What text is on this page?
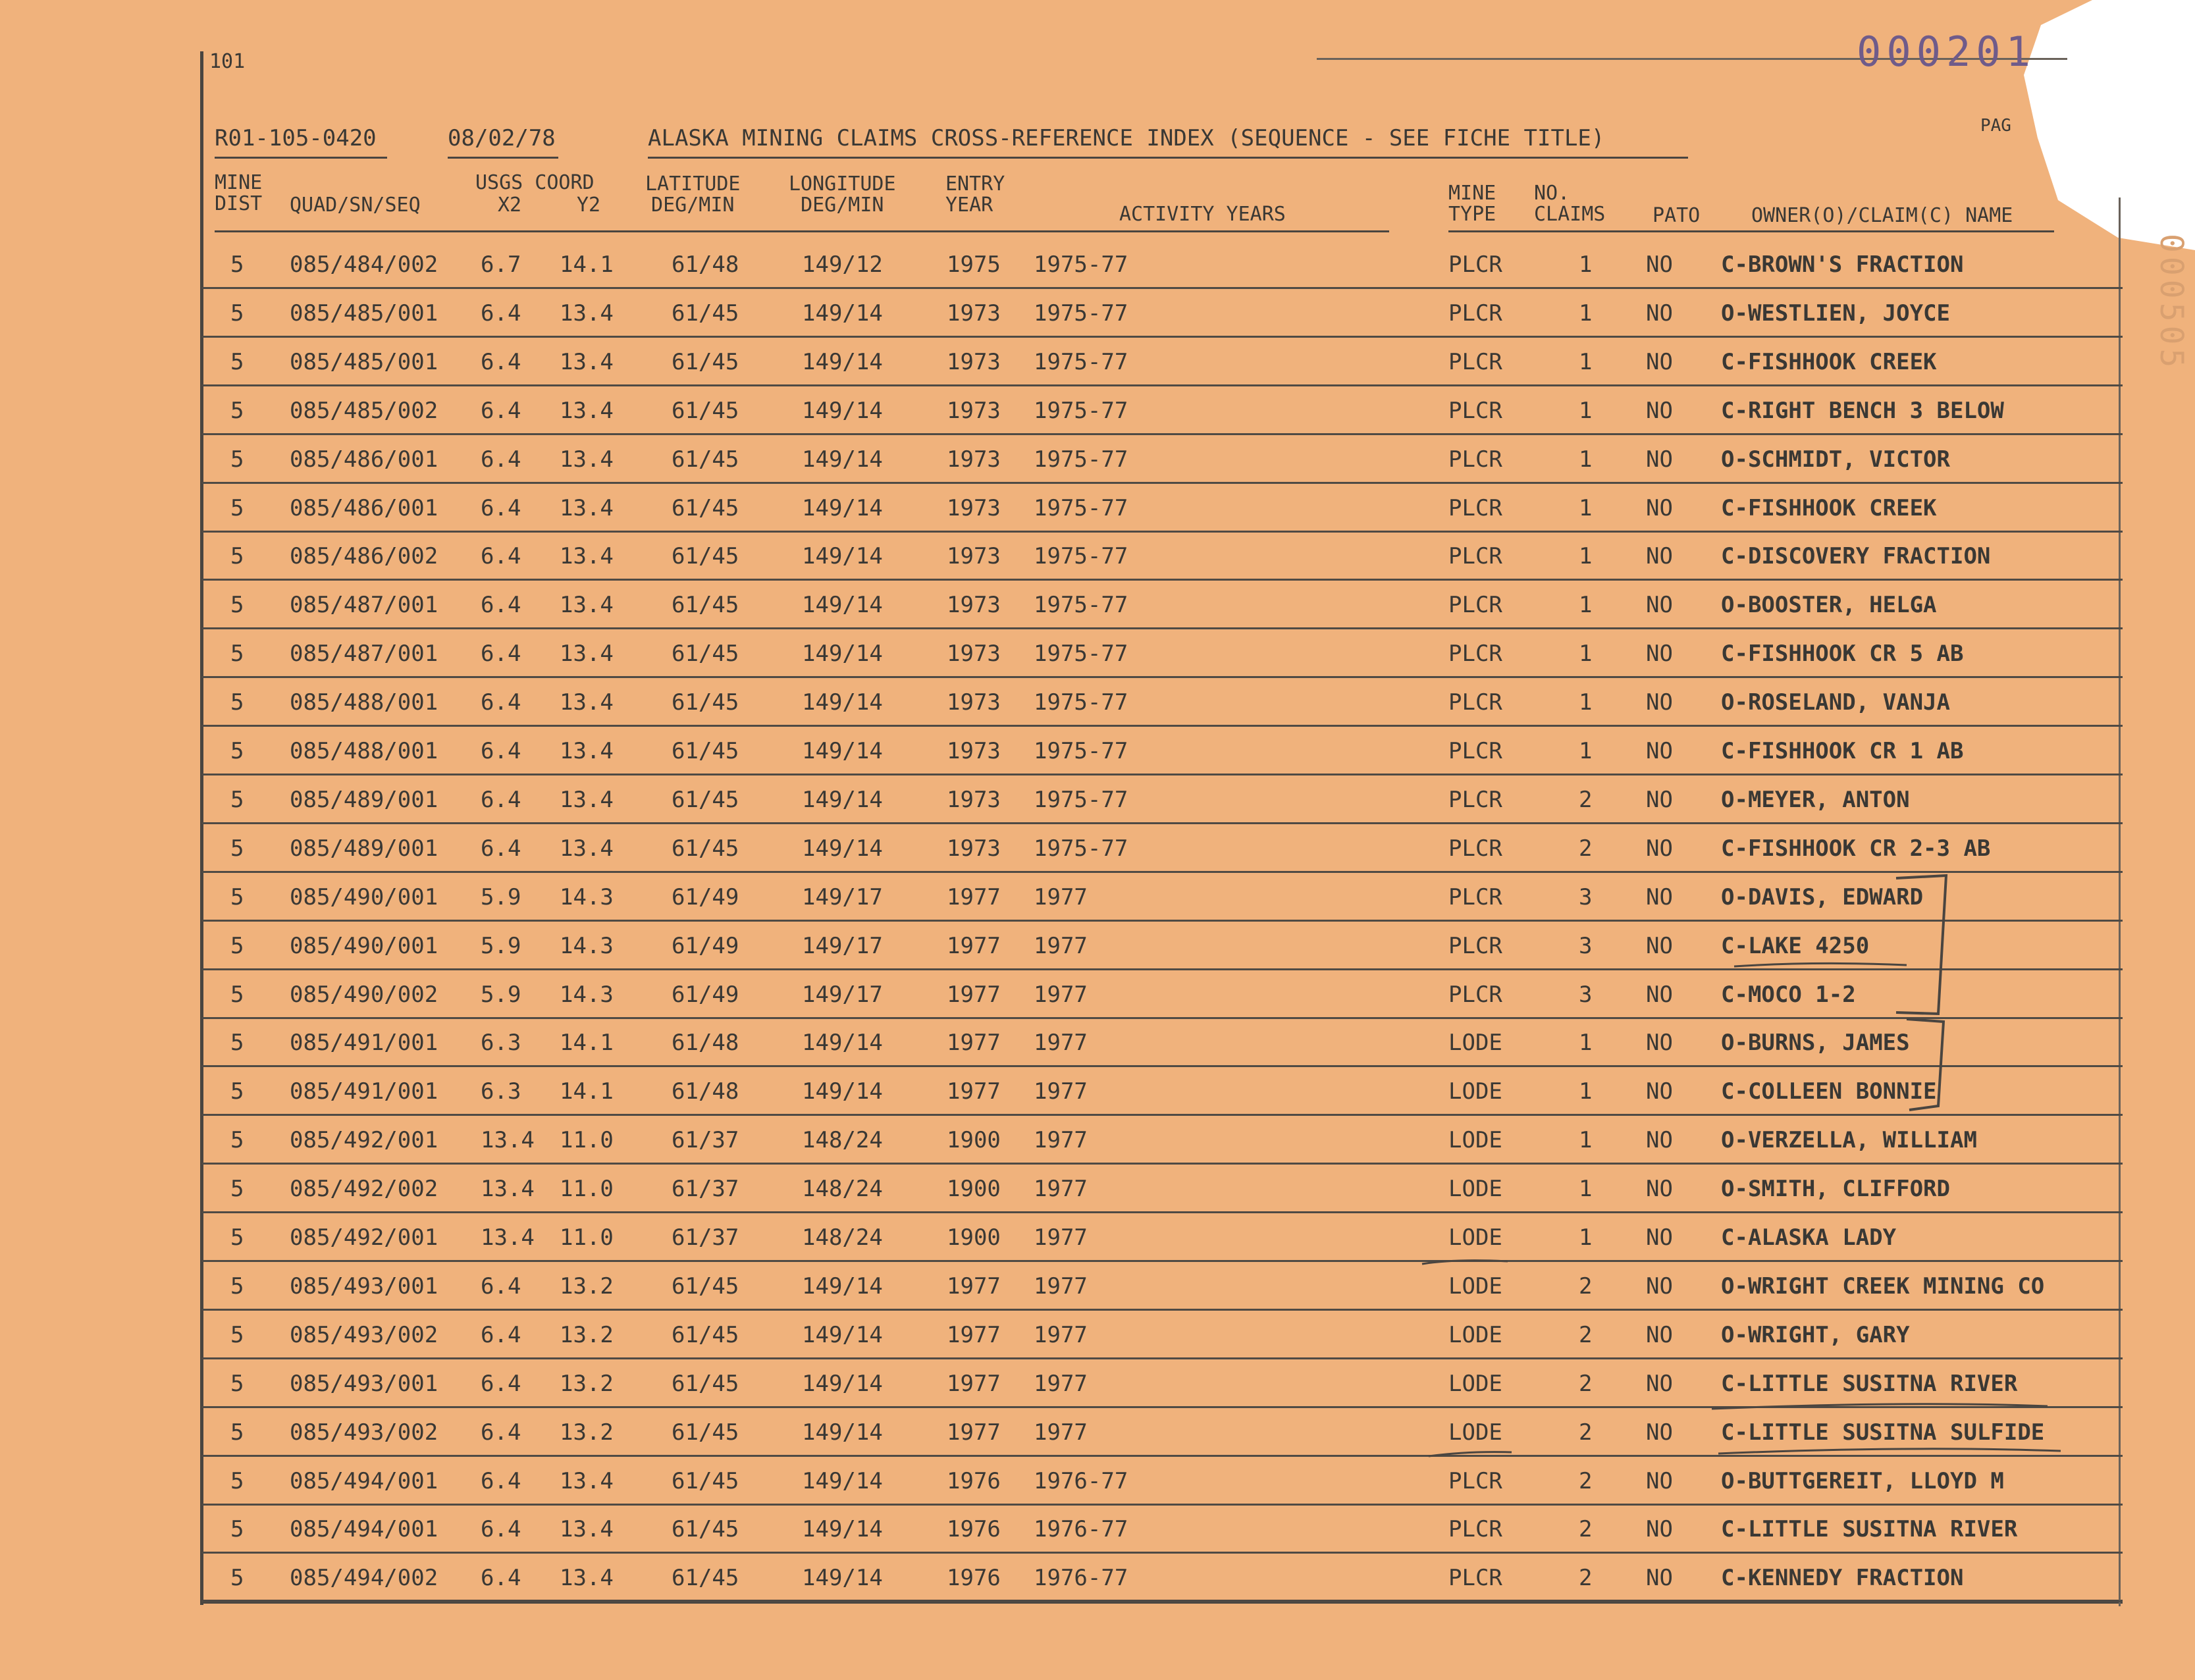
101	000201
000505
R01-105-0420	08/02/78	ALASKA MINING CLAIMS CROSS-REFERENCE INDEX (SEQUENCE - SEE FICHE TITLE)	PAG
MINE
DIST QUAD/SN/SEQ
USGS COORD
X2	Y2
LATITUDE
DEG/MIN
LONGITUDE
DEG/MIN
ENTRY
YEAR	ACTIVITY YEARS
MINE
TYPE
NO.
CLAIMS PATO	OWNER(O)/CLAIM(C) NAME
5 085/484/002 6.7 14.1	61/48	149/12	1975 1975-77	PLCR	1 NO C-BROWN'S FRACTION
5 085/485/001 6.4 13.4	61/45	149/14	1973 1975-77	PLCR	1 NO O-WESTLIEN, JOYCE
5 085/485/001 6.4 13.4	61/45	149/14	1973 1975-77	PLCR	1 NO C-FISHHOOK CREEK
5 085/485/002 6.4 13.4	61/45	149/14	1973 1975-77	PLCR	1 NO C-RIGHT BENCH 3 BELOW
5 085/486/001 6.4 13.4	61/45	149/14	1973 1975-77	PLCR	1 NO O-SCHMIDT, VICTOR
5 085/486/001 6.4 13.4	61/45	149/14	1973 1975-77	PLCR	1 NO C-FISHHOOK CREEK
5 085/486/002 6.4 13.4	61/45	149/14	1973 1975-77	PLCR	1 NO C-DISCOVERY FRACTION
5 085/487/001 6.4 13.4	61/45	149/14	1973 1975-77	PLCR	1 NO O-BOOSTER, HELGA
5 085/487/001 6.4 13.4	61/45	149/14	1973 1975-77	PLCR	1 NO C-FISHHOOK CR 5 AB
5 085/488/001 6.4 13.4	61/45	149/14	1973 1975-77	PLCR	1 NO O-ROSELAND, VANJA
5 085/488/001 6.4 13.4	61/45	149/14	1973 1975-77	PLCR	1 NO C-FISHHOOK CR 1 AB
5 085/489/001 6.4 13.4	61/45	149/14	1973 1975-77	PLCR	2 NO O-MEYER, ANTON
5 085/489/001 6.4 13.4	61/45	149/14	1973 1975-77	PLCR	2 NO C-FISHHOOK CR 2-3 AB
5 085/490/001 5.9 14.3	61/49	149/17	1977 1977	PLCR	3 NO O-DAVIS, EDWARD
5 085/490/001 5.9 14.3	61/49	149/17	1977 1977	PLCR	3 NO C-LAKE 4250
5 085/490/002 5.9 14.3	61/49	149/17	1977 1977	PLCR	3 NO C-MOCO 1-2
5 085/491/001 6.3 14.1	61/48	149/14	1977 1977	LODE	1 NO O-BURNS, JAMES
5 085/491/001 6.3 14.1	61/48	149/14	1977 1977	LODE	1 NO C-COLLEEN BONNIE
5 085/492/001 13.4 11.0	61/37	148/24	1900 1977	LODE	1 NO O-VERZELLA, WILLIAM
5 085/492/002 13.4 11.0	61/37	148/24	1900 1977	LODE	1 NO O-SMITH, CLIFFORD
5 085/492/001 13.4 11.0	61/37	148/24	1900 1977	LODE	1 NO C-ALASKA LADY
5 085/493/001 6.4 13.2	61/45	149/14	1977 1977	LODE	2 NO O-WRIGHT CREEK MINING CO
5 085/493/002 6.4 13.2	61/45	149/14	1977 1977	LODE	2 NO O-WRIGHT, GARY
5 085/493/001 6.4 13.2	61/45	149/14	1977 1977	LODE	2 NO C-LITTLE SUSITNA RIVER
5 085/493/002 6.4 13.2	61/45	149/14	1977 1977	LODE	2 NO C-LITTLE SUSITNA SULFIDE
5 085/494/001 6.4 13.4	61/45	149/14	1976 1976-77	PLCR	2 NO O-BUTTGEREIT, LLOYD M
5 085/494/001 6.4 13.4	61/45	149/14	1976 1976-77	PLCR	2 NO C-LITTLE SUSITNA RIVER
5 085/494/002 6.4 13.4	61/45	149/14	1976 1976-77	PLCR	2 NO C-KENNEDY FRACTION
